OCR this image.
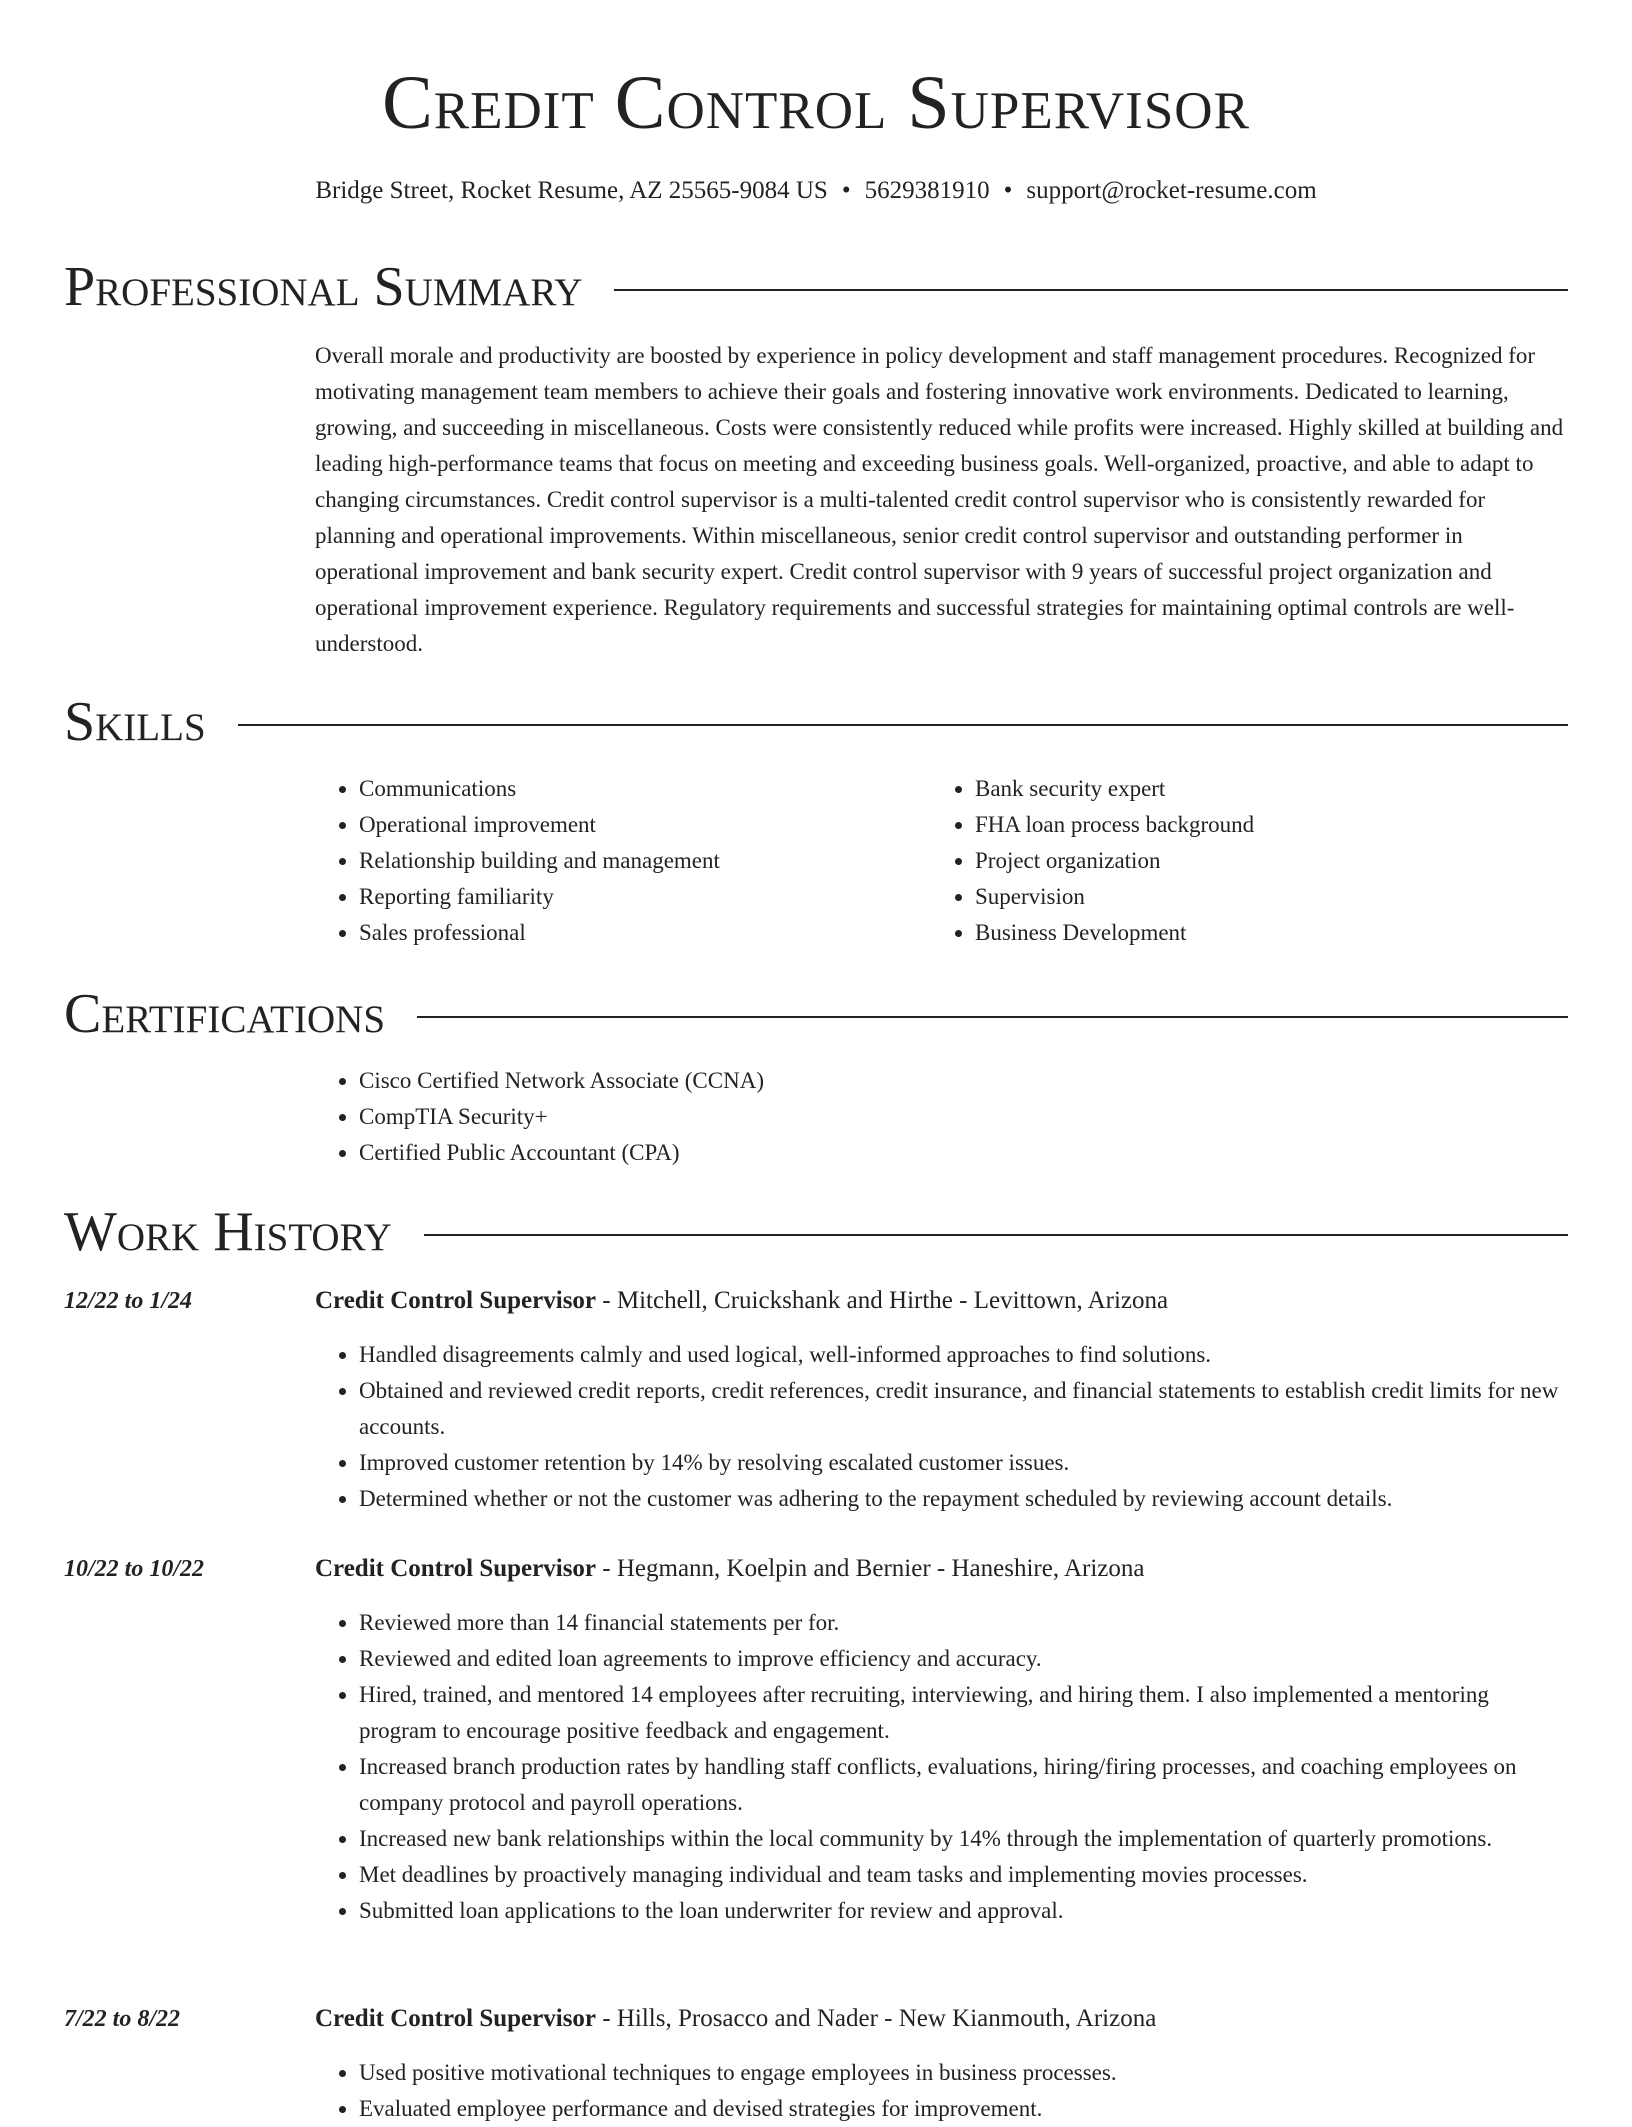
Credit Control Supervisor
Bridge Street, Rocket Resume, AZ 25565-9084 US • 5629381910 • support@rocket-resume.com
Professional Summary
Overall morale and productivity are boosted by experience in policy development and staff management procedures. Recognized for motivating management team members to achieve their goals and fostering innovative work environments. Dedicated to learning, growing, and succeeding in miscellaneous. Costs were consistently reduced while profits were increased. Highly skilled at building and leading high-performance teams that focus on meeting and exceeding business goals. Well-organized, proactive, and able to adapt to changing circumstances. Credit control supervisor is a multi-talented credit control supervisor who is consistently rewarded for planning and operational improvements. Within miscellaneous, senior credit control supervisor and outstanding performer in operational improvement and bank security expert. Credit control supervisor with 9 years of successful project organization and operational improvement experience. Regulatory requirements and successful strategies for maintaining optimal controls are well-understood.
Skills
• Communications
• Operational improvement
• Relationship building and management
• Reporting familiarity
• Sales professional
• Bank security expert
• FHA loan process background
• Project organization
• Supervision
• Business Development
Certifications
• Cisco Certified Network Associate (CCNA)
• CompTIA Security+
• Certified Public Accountant (CPA)
Work History
12/22 to 1/24	Credit Control Supervisor - Mitchell, Cruickshank and Hirthe - Levittown, Arizona
• Handled disagreements calmly and used logical, well-informed approaches to find solutions.
• Obtained and reviewed credit reports, credit references, credit insurance, and financial statements to establish credit limits for new accounts.
• Improved customer retention by 14% by resolving escalated customer issues.
• Determined whether or not the customer was adhering to the repayment scheduled by reviewing account details.
10/22 to 10/22	Credit Control Supervisor - Hegmann, Koelpin and Bernier - Haneshire, Arizona
• Reviewed more than 14 financial statements per for.
• Reviewed and edited loan agreements to improve efficiency and accuracy.
• Hired, trained, and mentored 14 employees after recruiting, interviewing, and hiring them. I also implemented a mentoring program to encourage positive feedback and engagement.
• Increased branch production rates by handling staff conflicts, evaluations, hiring/firing processes, and coaching employees on company protocol and payroll operations.
• Increased new bank relationships within the local community by 14% through the implementation of quarterly promotions.
• Met deadlines by proactively managing individual and team tasks and implementing movies processes.
• Submitted loan applications to the loan underwriter for review and approval.
7/22 to 8/22	Credit Control Supervisor - Hills, Prosacco and Nader - New Kianmouth, Arizona
• Used positive motivational techniques to engage employees in business processes.
• Evaluated employee performance and devised strategies for improvement.
